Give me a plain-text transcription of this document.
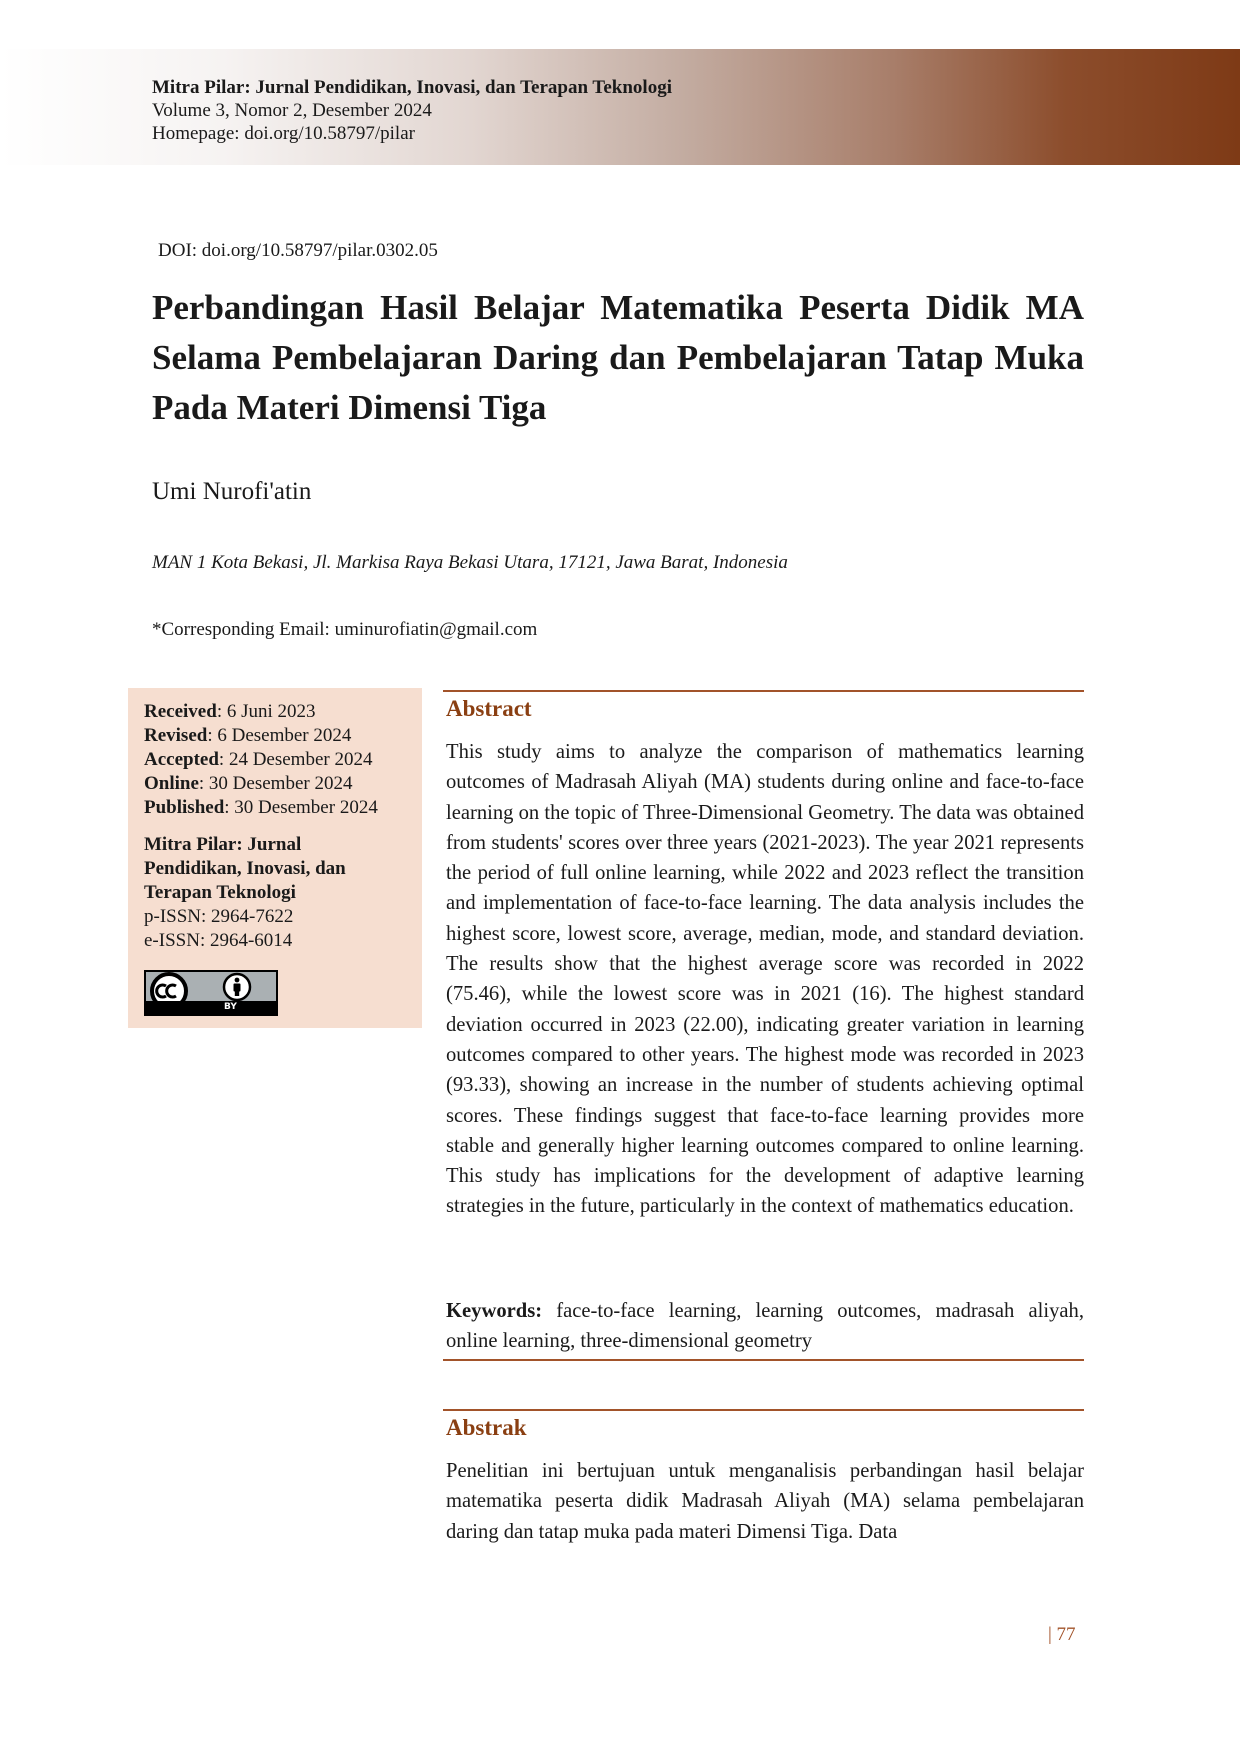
Mitra Pilar: Jurnal Pendidikan, Inovasi, dan Terapan Teknologi
Volume 3, Nomor 2, Desember 2024
Homepage: doi.org/10.58797/pilar
DOI: doi.org/10.58797/pilar.0302.05
Perbandingan Hasil Belajar Matematika Peserta Didik MA Selama Pembelajaran Daring dan Pembelajaran Tatap Muka Pada Materi Dimensi Tiga
Umi Nurofi'atin
MAN 1 Kota Bekasi, Jl. Markisa Raya Bekasi Utara, 17121, Jawa Barat, Indonesia
*Corresponding Email: uminurofiatin@gmail.com
Received: 6 Juni 2023
Revised: 6 Desember 2024
Accepted: 24 Desember 2024
Online: 30 Desember 2024
Published: 30 Desember 2024
Mitra Pilar: Jurnal
Pendidikan, Inovasi, dan
Terapan Teknologi
p-ISSN: 2964-7622
e-ISSN: 2964-6014
BY
Abstract

This study aims to analyze the comparison of mathematics learning outcomes of Madrasah Aliyah (MA) students during online and face-to-face learning on the topic of Three-Dimensional Geometry. The data was obtained from students' scores over three years (2021-2023). The year 2021 represents the period of full online learning, while 2022 and 2023 reflect the transition and implementation of face-to-face learning. The data analysis includes the highest score, lowest score, average, median, mode, and standard deviation. The results show that the highest average score was recorded in 2022 (75.46), while the lowest score was in 2021 (16). The highest standard deviation occurred in 2023 (22.00), indicating greater variation in learning outcomes compared to other years. The highest mode was recorded in 2023 (93.33), showing an increase in the number of students achieving optimal scores. These findings suggest that face-to-face learning provides more stable and generally higher learning outcomes compared to online learning. This study has implications for the development of adaptive learning strategies in the future, particularly in the context of mathematics education.

Keywords: face-to-face learning, learning outcomes, madrasah aliyah, online learning, three-dimensional geometry

Abstrak

Penelitian ini bertujuan untuk menganalisis perbandingan hasil belajar matematika peserta didik Madrasah Aliyah (MA) selama pembelajaran daring dan tatap muka pada materi Dimensi Tiga. Data

| 77
